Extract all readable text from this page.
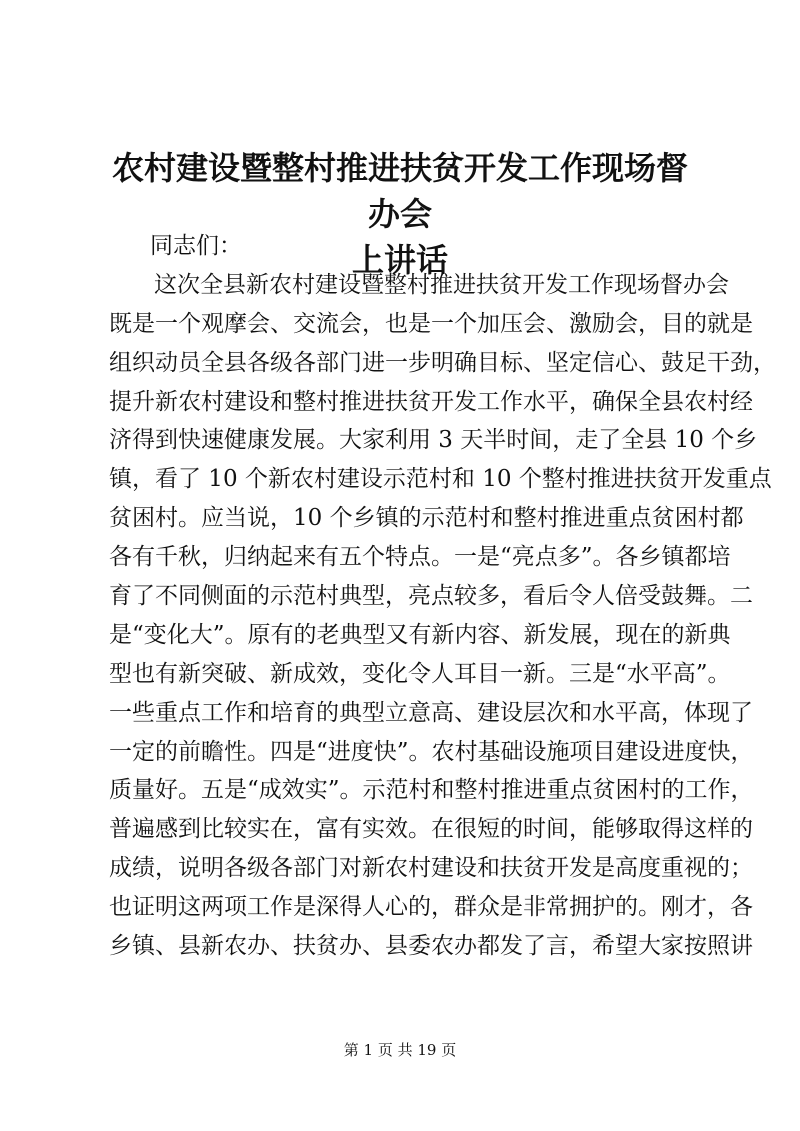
农村建设暨整村推进扶贫开发工作现场督办会
上讲话
同志们：
这次全县新农村建设暨整村推进扶贫开发工作现场督办会
既是一个观摩会、交流会，也是一个加压会、激励会，目的就是
组织动员全县各级各部门进一步明确目标、坚定信心、鼓足干劲，
提升新农村建设和整村推进扶贫开发工作水平，确保全县农村经
济得到快速健康发展。大家利用 3 天半时间，走了全县 10 个乡
镇，看了 10 个新农村建设示范村和 10 个整村推进扶贫开发重点
贫困村。应当说，10 个乡镇的示范村和整村推进重点贫困村都
各有千秋，归纳起来有五个特点。一是“亮点多”。各乡镇都培
育了不同侧面的示范村典型，亮点较多，看后令人倍受鼓舞。二
是“变化大”。原有的老典型又有新内容、新发展，现在的新典
型也有新突破、新成效，变化令人耳目一新。三是“水平高”。
一些重点工作和培育的典型立意高、建设层次和水平高，体现了
一定的前瞻性。四是“进度快”。农村基础设施项目建设进度快，
质量好。五是“成效实”。示范村和整村推进重点贫困村的工作，
普遍感到比较实在，富有实效。在很短的时间，能够取得这样的
成绩，说明各级各部门对新农村建设和扶贫开发是高度重视的；
也证明这两项工作是深得人心的，群众是非常拥护的。刚才，各
乡镇、县新农办、扶贫办、县委农办都发了言，希望大家按照讲
第 1 页 共 19 页
